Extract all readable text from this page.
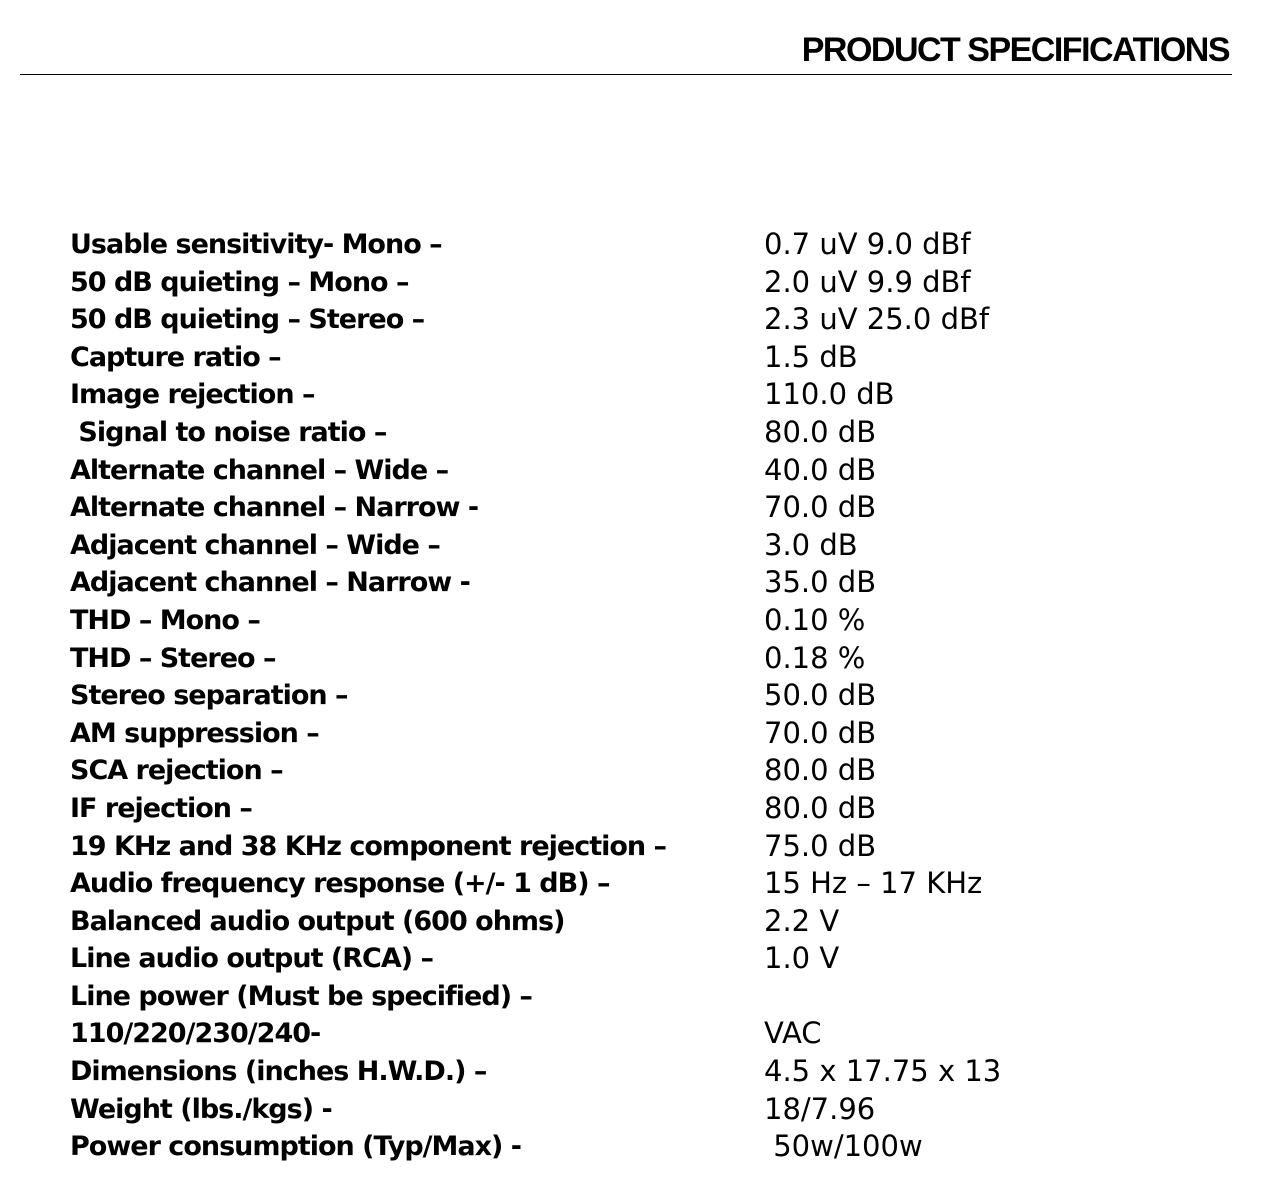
PRODUCT SPECIFICATIONS
Usable sensitivity- Mono –	0.7 uV 9.0 dBf
50 dB quieting – Mono –	2.0 uV 9.9 dBf
50 dB quieting – Stereo –	2.3 uV 25.0 dBf
Capture ratio –	1.5 dB
Image rejection –	110.0 dB
Signal to noise ratio –	80.0 dB
Alternate channel – Wide –	40.0 dB
Alternate channel – Narrow -	70.0 dB
Adjacent channel – Wide –	3.0 dB
Adjacent channel – Narrow -	35.0 dB
THD – Mono –	0.10 %
THD – Stereo –	0.18 %
Stereo separation –	50.0 dB
AM suppression –	70.0 dB
SCA rejection –	80.0 dB
IF rejection –	80.0 dB
19 KHz and 38 KHz component rejection –	75.0 dB
Audio frequency response (+/- 1 dB) –	15 Hz – 17 KHz
Balanced audio output (600 ohms)	2.2 V
Line audio output (RCA) –	1.0 V
Line power (Must be specified) –
110/220/230/240-	VAC
Dimensions (inches H.W.D.) –	4.5 x 17.75 x 13
Weight (lbs./kgs) -	18/7.96
Power consumption (Typ/Max) -	50w/100w
